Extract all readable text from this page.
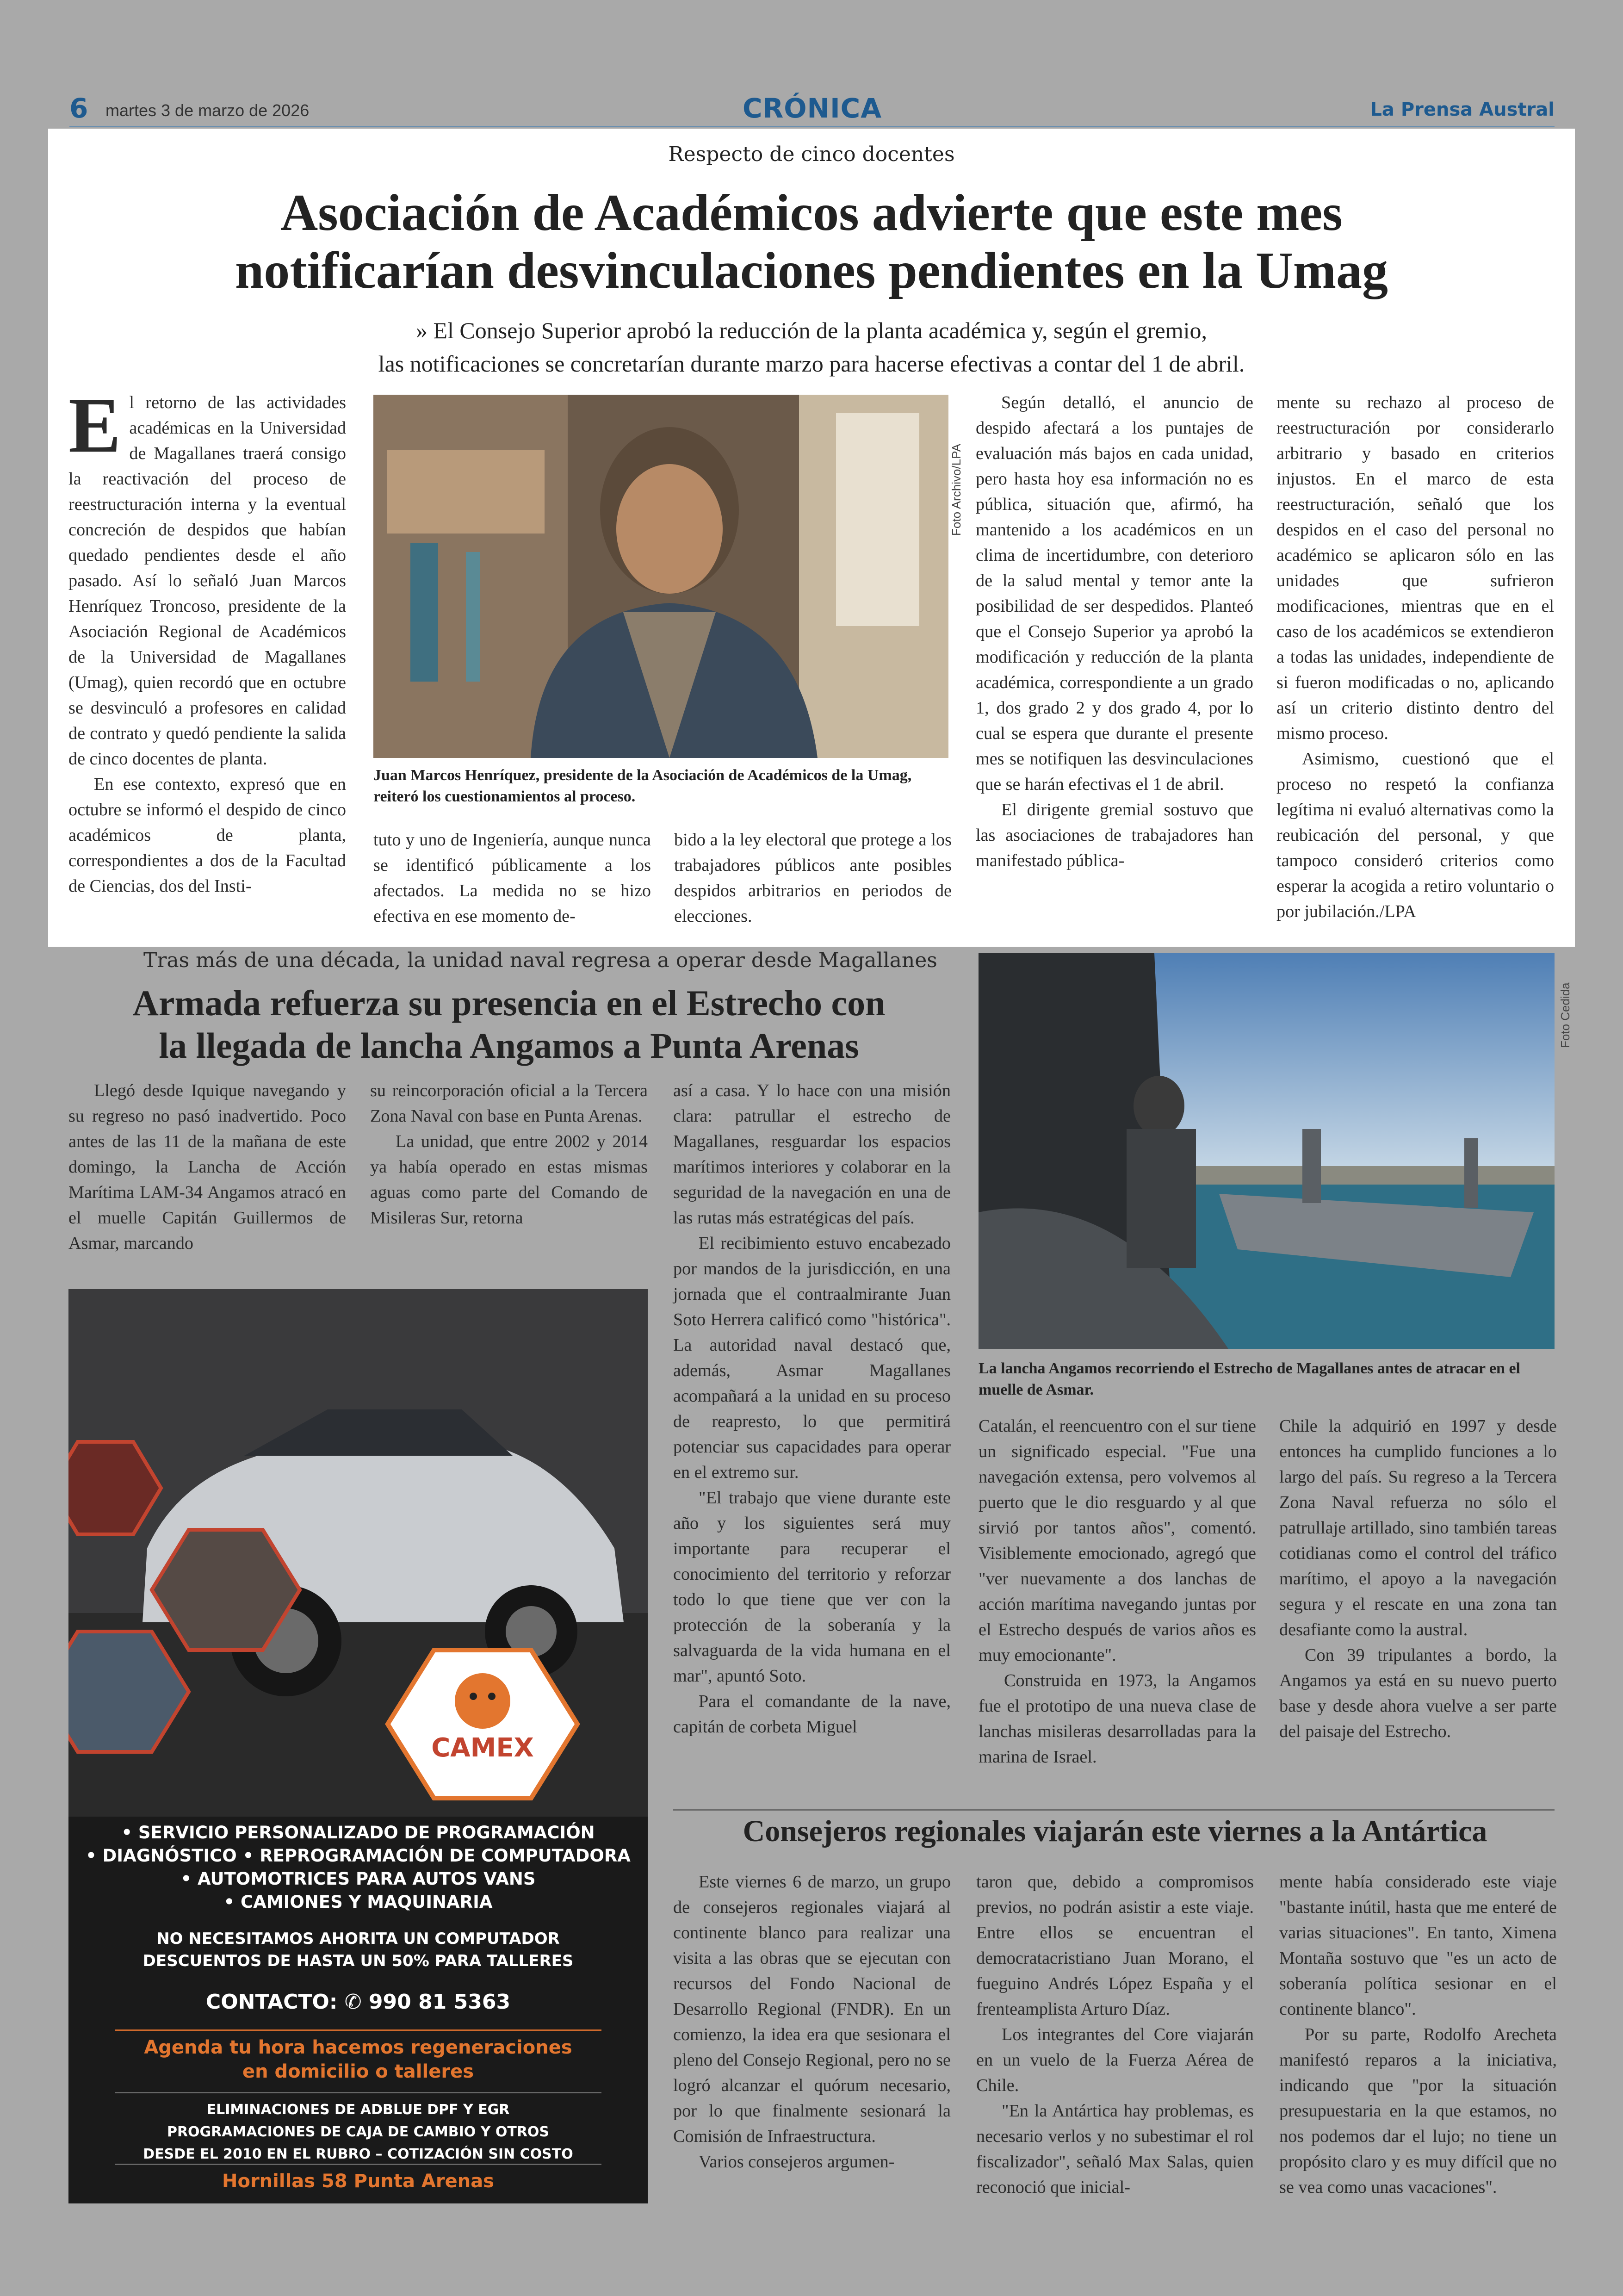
6 martes 3 de marzo de 2026	CRÓNICA	La Prensa Austral
Respecto de cinco docentes
Asociación de Académicos advierte que este mes
notificarían desvinculaciones pendientes en la Umag
» El Consejo Superior aprobó la reducción de la planta académica y, según el gremio,
las notificaciones se concretarían durante marzo para hacerse efectivas a contar del 1 de abril.
E l retorno de las actividades académicas en la Universidad de Magallanes traerá consigo la reactivación del proceso de reestructuración interna y la eventual concreción de despidos que habían quedado pendientes desde el año pasado. Así lo señaló Juan Marcos Henríquez Troncoso, presidente de la Asociación Regional de Académicos de la Universidad de Magallanes (Umag), quien recordó que en octubre se desvinculó a profesores en calidad de contrato y quedó pendiente la salida de cinco docentes de planta.

En ese contexto, expresó que en octubre se informó el despido de cinco académicos de planta, correspondientes a dos de la Facultad de Ciencias, dos del Insti-

Foto Archivo/LPA
Juan Marcos Henríquez, presidente de la Asociación de Académicos de la Umag, reiteró los cuestionamientos al proceso.

tuto y uno de Ingeniería, aunque nunca se identificó públicamente a los afectados. La medida no se hizo efectiva en ese momento de-

bido a la ley electoral que protege a los trabajadores públicos ante posibles despidos arbitrarios en periodos de elecciones.

Según detalló, el anuncio de despido afectará a los puntajes de evaluación más bajos en cada unidad, pero hasta hoy esa información no es pública, situación que, afirmó, ha mantenido a los académicos en un clima de incertidumbre, con deterioro de la salud mental y temor ante la posibilidad de ser despedidos. Planteó que el Consejo Superior ya aprobó la modificación y reducción de la planta académica, correspondiente a un grado 1, dos grado 2 y dos grado 4, por lo cual se espera que durante el presente mes se notifiquen las desvinculaciones que se harán efectivas el 1 de abril.

El dirigente gremial sostuvo que las asociaciones de trabajadores han manifestado pública-

mente su rechazo al proceso de reestructuración por considerarlo arbitrario y basado en criterios injustos. En el marco de esta reestructuración, señaló que los despidos en el caso del personal no académico se aplicaron sólo en las unidades que sufrieron modificaciones, mientras que en el caso de los académicos se extendieron a todas las unidades, independiente de si fueron modificadas o no, aplicando así un criterio distinto dentro del mismo proceso.

Asimismo, cuestionó que el proceso no respetó la confianza legítima ni evaluó alternativas como la reubicación del personal, y que tampoco consideró criterios como esperar la acogida a retiro voluntario o por jubilación./LPA

Tras más de una década, la unidad naval regresa a operar desde Magallanes
Armada refuerza su presencia en el Estrecho con
la llegada de lancha Angamos a Punta Arenas

Llegó desde Iquique navegando y su regreso no pasó inadvertido. Poco antes de las 11 de la mañana de este domingo, la Lancha de Acción Marítima LAM-34 Angamos atracó en el muelle Capitán Guillermos de Asmar, marcando

su reincorporación oficial a la Tercera Zona Naval con base en Punta Arenas.

La unidad, que entre 2002 y 2014 ya había operado en estas mismas aguas como parte del Comando de Misileras Sur, retorna

así a casa. Y lo hace con una misión clara: patrullar el estrecho de Magallanes, resguardar los espacios marítimos interiores y colaborar en la seguridad de la navegación en una de las rutas más estratégicas del país.

El recibimiento estuvo encabezado por mandos de la jurisdicción, en una jornada que el contraalmirante Juan Soto Herrera calificó como "histórica". La autoridad naval destacó que, además, Asmar Magallanes acompañará a la unidad en su proceso de reapresto, lo que permitirá potenciar sus capacidades para operar en el extremo sur.

"El trabajo que viene durante este año y los siguientes será muy importante para recuperar el conocimiento del territorio y reforzar todo lo que tiene que ver con la protección de la soberanía y la salvaguarda de la vida humana en el mar", apuntó Soto.

Para el comandante de la nave, capitán de corbeta Miguel

Foto Cedida
La lancha Angamos recorriendo el Estrecho de Magallanes antes de atracar en el muelle de Asmar.

Catalán, el reencuentro con el sur tiene un significado especial. "Fue una navegación extensa, pero volvemos al puerto que le dio resguardo y al que sirvió por tantos años", comentó. Visiblemente emocionado, agregó que "ver nuevamente a dos lanchas de acción marítima navegando juntas por el Estrecho después de varios años es muy emocionante".

Construida en 1973, la Angamos fue el prototipo de una nueva clase de lanchas misileras desarrolladas para la marina de Israel.

Chile la adquirió en 1997 y desde entonces ha cumplido funciones a lo largo del país. Su regreso a la Tercera Zona Naval refuerza no sólo el patrullaje artillado, sino también tareas cotidianas como el control del tráfico marítimo, el apoyo a la navegación segura y el rescate en una zona tan desafiante como la austral.

Con 39 tripulantes a bordo, la Angamos ya está en su nuevo puerto base y desde ahora vuelve a ser parte del paisaje del Estrecho.

CAMEX
• SERVICIO PERSONALIZADO DE PROGRAMACIÓN
• DIAGNÓSTICO • REPROGRAMACIÓN DE COMPUTADORA
• AUTOMOTRICES PARA AUTOS VANS
• CAMIONES Y MAQUINARIA
NO NECESITAMOS AHORITA UN COMPUTADOR
DESCUENTOS DE HASTA UN 50% PARA TALLERES
CONTACTO: ✆ 990 81 5363
Agenda tu hora hacemos regeneraciones
en domicilio o talleres
ELIMINACIONES DE ADBLUE DPF Y EGR
PROGRAMACIONES DE CAJA DE CAMBIO Y OTROS
DESDE EL 2010 EN EL RUBRO – COTIZACIÓN SIN COSTO
Hornillas 58 Punta Arenas
Consejeros regionales viajarán este viernes a la Antártica

Este viernes 6 de marzo, un grupo de consejeros regionales viajará al continente blanco para realizar una visita a las obras que se ejecutan con recursos del Fondo Nacional de Desarrollo Regional (FNDR). En un comienzo, la idea era que sesionara el pleno del Consejo Regional, pero no se logró alcanzar el quórum necesario, por lo que finalmente sesionará la Comisión de Infraestructura.

Varios consejeros argumen-

taron que, debido a compromisos previos, no podrán asistir a este viaje. Entre ellos se encuentran el democratacristiano Juan Morano, el fueguino Andrés López España y el frenteamplista Arturo Díaz.

Los integrantes del Core viajarán en un vuelo de la Fuerza Aérea de Chile.

"En la Antártica hay problemas, es necesario verlos y no subestimar el rol fiscalizador", señaló Max Salas, quien reconoció que inicial-

mente había considerado este viaje "bastante inútil, hasta que me enteré de varias situaciones". En tanto, Ximena Montaña sostuvo que "es un acto de soberanía política sesionar en el continente blanco".

Por su parte, Rodolfo Arecheta manifestó reparos a la iniciativa, indicando que "por la situación presupuestaria en la que estamos, no nos podemos dar el lujo; no tiene un propósito claro y es muy difícil que no se vea como unas vacaciones".
